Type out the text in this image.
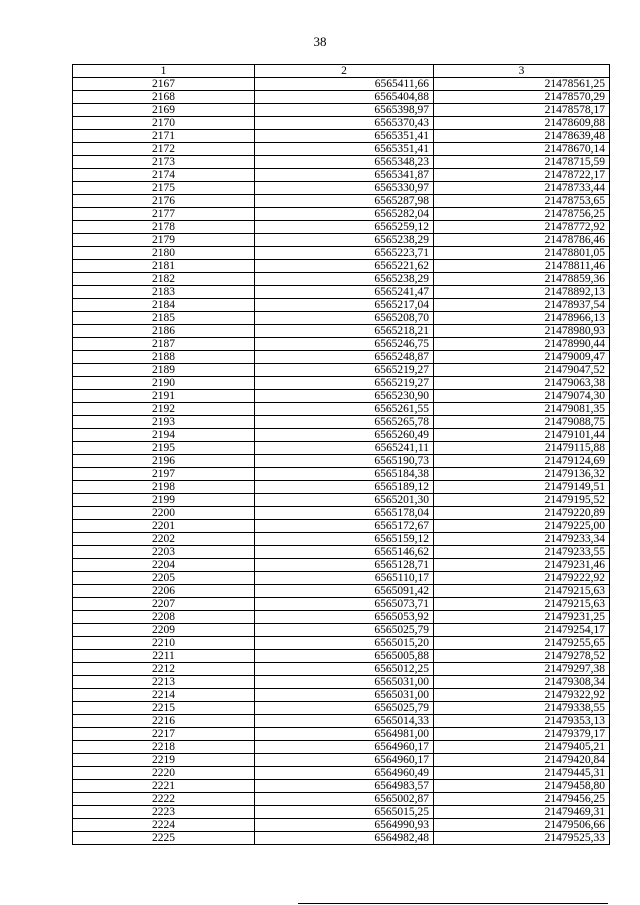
38
1	2	3
2167	6565411,66	21478561,25
2168	6565404,88	21478570,29
2169	6565398,97	21478578,17
2170	6565370,43	21478609,88
2171	6565351,41	21478639,48
2172	6565351,41	21478670,14
2173	6565348,23	21478715,59
2174	6565341,87	21478722,17
2175	6565330,97	21478733,44
2176	6565287,98	21478753,65
2177	6565282,04	21478756,25
2178	6565259,12	21478772,92
2179	6565238,29	21478786,46
2180	6565223,71	21478801,05
2181	6565221,62	21478811,46
2182	6565238,29	21478859,36
2183	6565241,47	21478892,13
2184	6565217,04	21478937,54
2185	6565208,70	21478966,13
2186	6565218,21	21478980,93
2187	6565246,75	21478990,44
2188	6565248,87	21479009,47
2189	6565219,27	21479047,52
2190	6565219,27	21479063,38
2191	6565230,90	21479074,30
2192	6565261,55	21479081,35
2193	6565265,78	21479088,75
2194	6565260,49	21479101,44
2195	6565241,11	21479115,88
2196	6565190,73	21479124,69
2197	6565184,38	21479136,32
2198	6565189,12	21479149,51
2199	6565201,30	21479195,52
2200	6565178,04	21479220,89
2201	6565172,67	21479225,00
2202	6565159,12	21479233,34
2203	6565146,62	21479233,55
2204	6565128,71	21479231,46
2205	6565110,17	21479222,92
2206	6565091,42	21479215,63
2207	6565073,71	21479215,63
2208	6565053,92	21479231,25
2209	6565025,79	21479254,17
2210	6565015,20	21479255,65
2211	6565005,88	21479278,52
2212	6565012,25	21479297,38
2213	6565031,00	21479308,34
2214	6565031,00	21479322,92
2215	6565025,79	21479338,55
2216	6565014,33	21479353,13
2217	6564981,00	21479379,17
2218	6564960,17	21479405,21
2219	6564960,17	21479420,84
2220	6564960,49	21479445,31
2221	6564983,57	21479458,80
2222	6565002,87	21479456,25
2223	6565015,25	21479469,31
2224	6564990,93	21479506,66
2225	6564982,48	21479525,33
